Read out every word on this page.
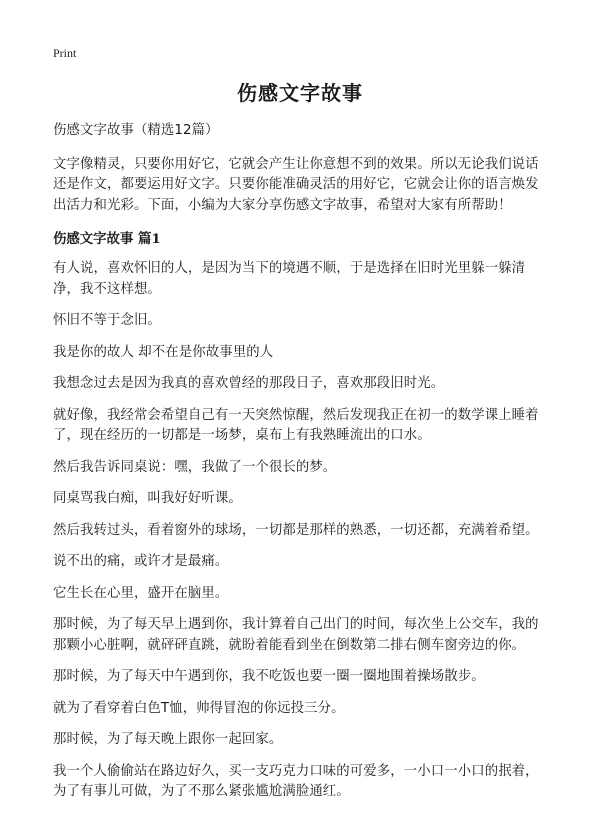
Print
伤感文字故事

伤感文字故事（精选12篇）

文字像精灵，只要你用好它，它就会产生让你意想不到的效果。所以无论我们说话还是作文，都要运用好文字。只要你能准确灵活的用好它，它就会让你的语言焕发出活力和光彩。下面，小编为大家分享伤感文字故事，希望对大家有所帮助！

伤感文字故事 篇1

有人说，喜欢怀旧的人，是因为当下的境遇不顺，于是选择在旧时光里躲一躲清净，我不这样想。

怀旧不等于念旧。

我是你的故人 却不在是你故事里的人

我想念过去是因为我真的喜欢曾经的那段日子，喜欢那段旧时光。

就好像，我经常会希望自己有一天突然惊醒，然后发现我正在初一的数学课上睡着了，现在经历的一切都是一场梦，桌布上有我熟睡流出的口水。

然后我告诉同桌说：嘿，我做了一个很长的梦。

同桌骂我白痴，叫我好好听课。

然后我转过头，看着窗外的球场，一切都是那样的熟悉，一切还都，充满着希望。

说不出的痛，或许才是最痛。

它生长在心里，盛开在脑里。

那时候，为了每天早上遇到你，我计算着自己出门的时间，每次坐上公交车，我的那颗小心脏啊，就砰砰直跳，就盼着能看到坐在倒数第二排右侧车窗旁边的你。

那时候，为了每天中午遇到你，我不吃饭也要一圈一圈地围着操场散步。

就为了看穿着白色T恤，帅得冒泡的你远投三分。

那时候，为了每天晚上跟你一起回家。

我一个人偷偷站在路边好久，买一支巧克力口味的可爱多，一小口一小口的抿着，为了有事儿可做，为了不那么紧张尴尬满脸通红。
